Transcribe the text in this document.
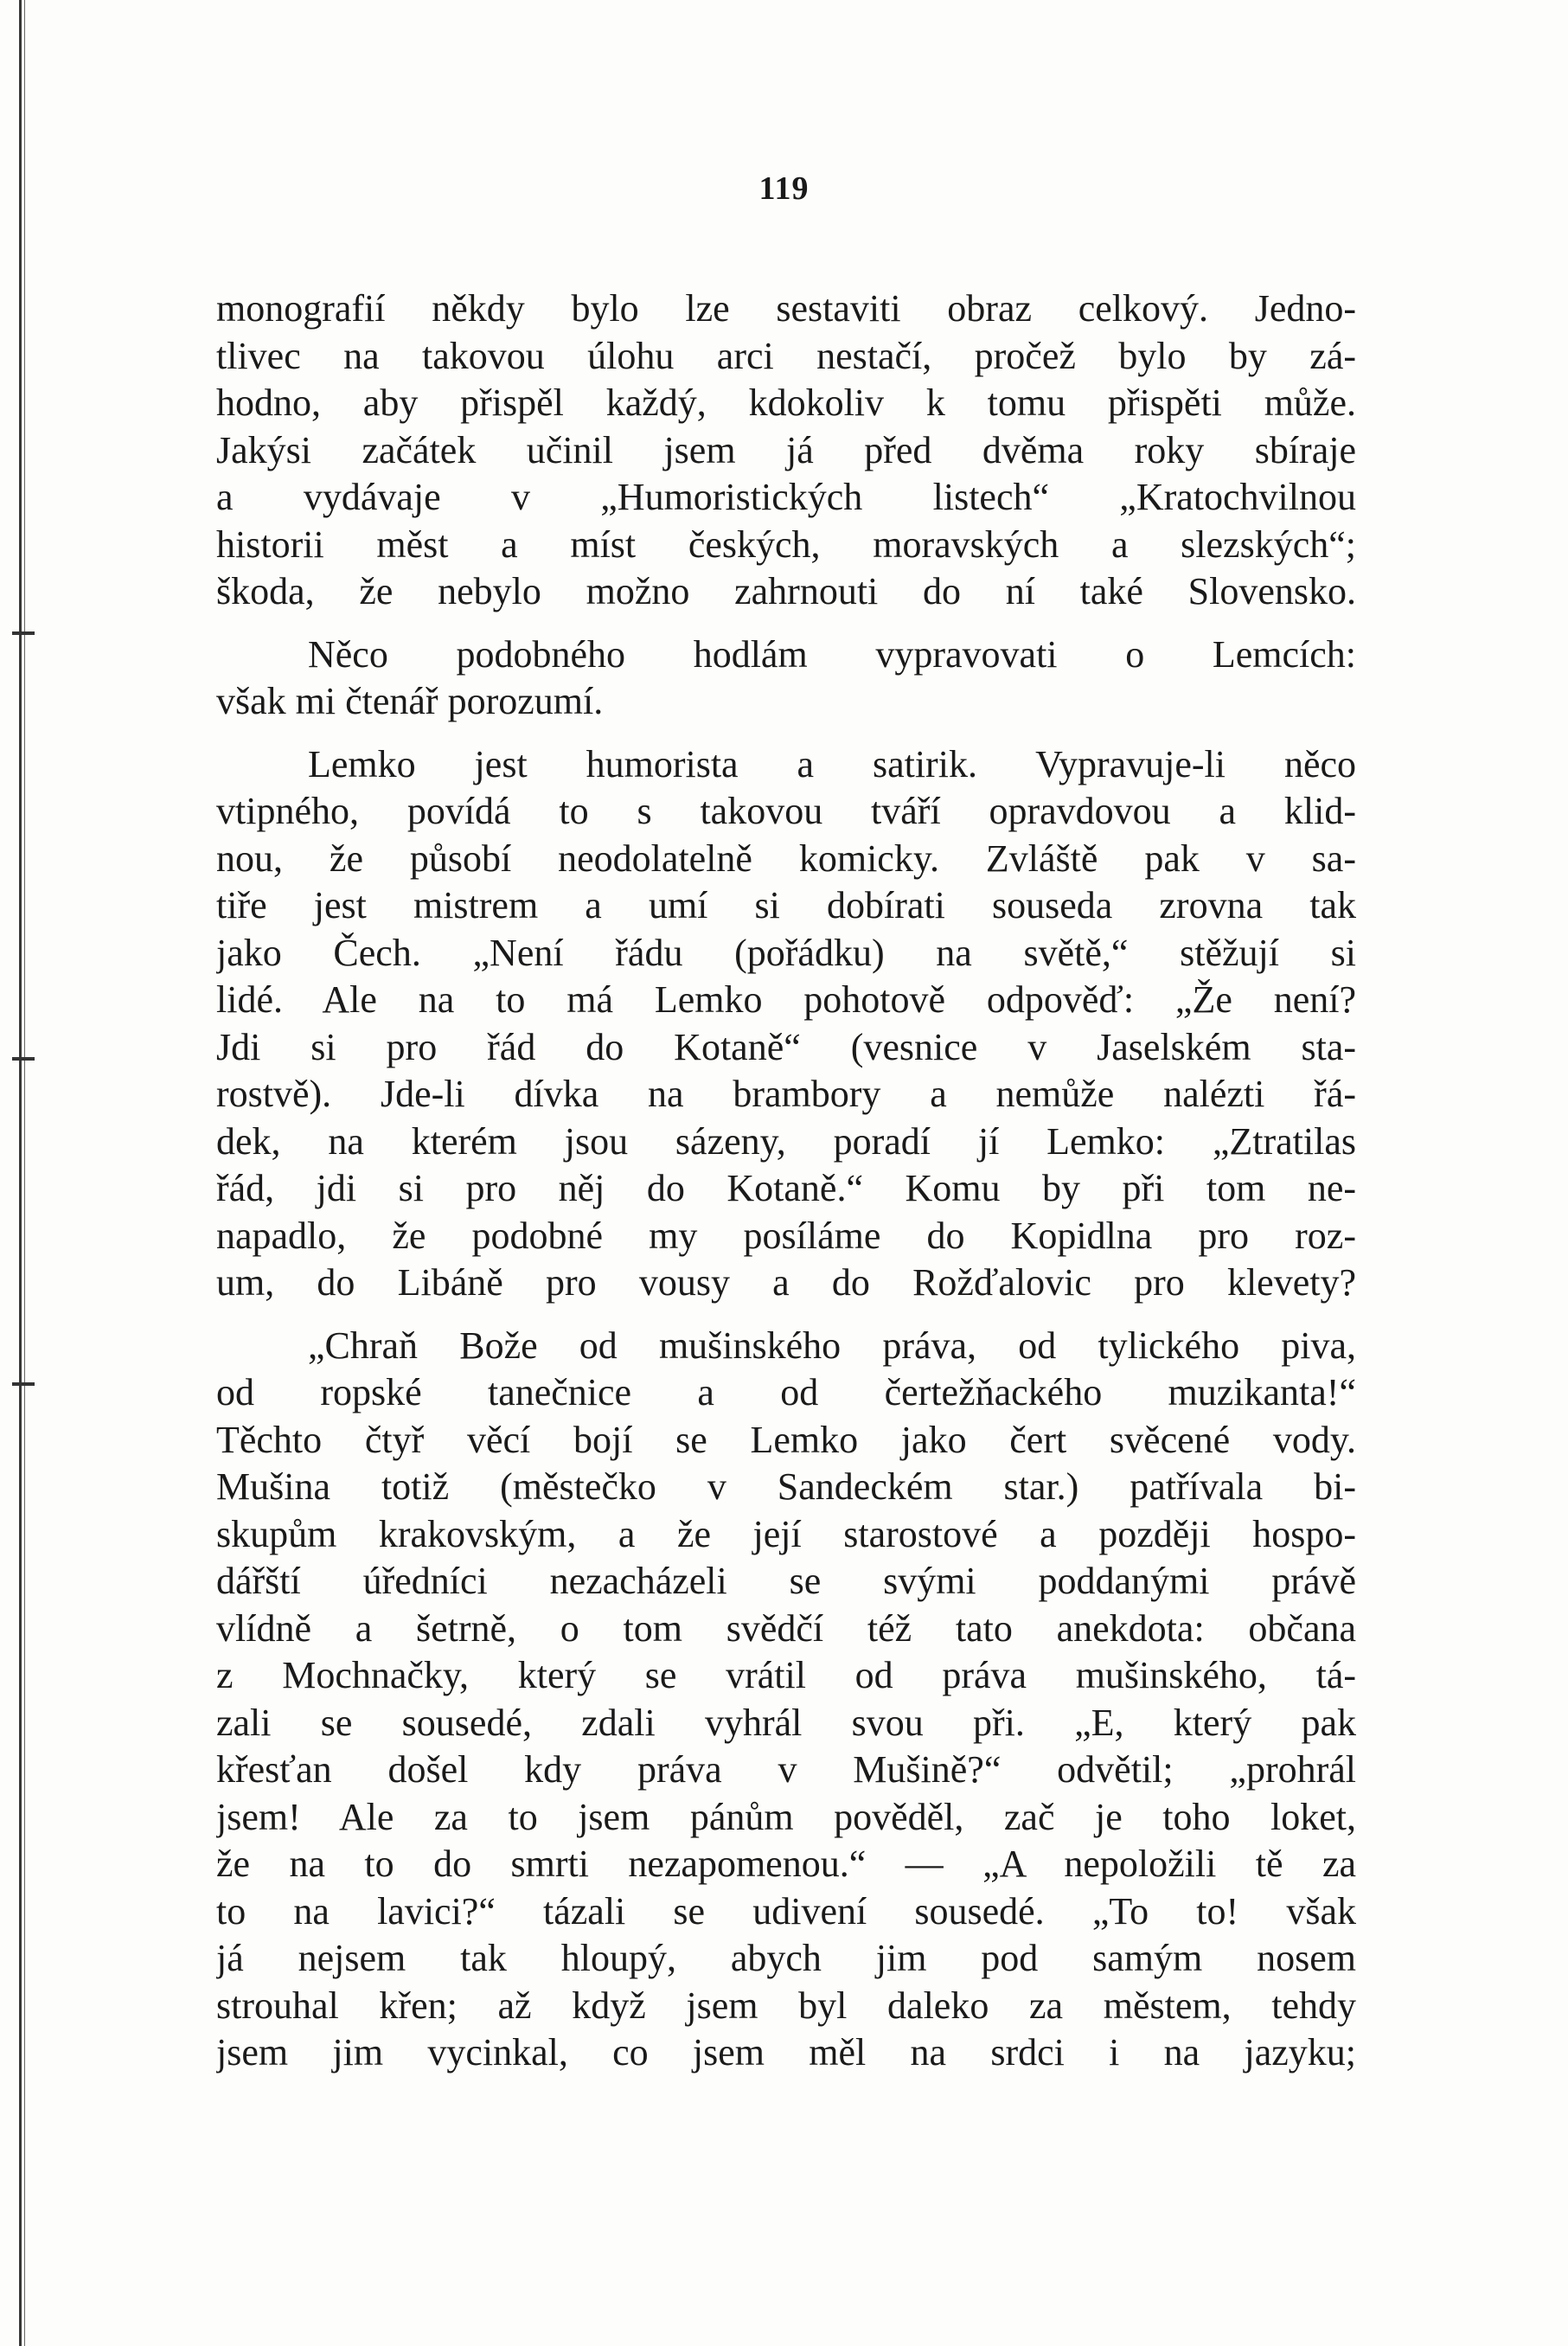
119
monografií někdy bylo lze sestaviti obraz celkový. Jedno-
tlivec na takovou úlohu arci nestačí, pročež bylo by zá-
hodno, aby přispěl každý, kdokoliv k tomu přispěti může.
Jakýsi začátek učinil jsem já před dvěma roky sbíraje
a vydávaje v „Humoristických listech“ „Kratochvilnou
historii měst a míst českých, moravských a slezských“;
škoda, že nebylo možno zahrnouti do ní také Slovensko.
Něco podobného hodlám vypravovati o Lemcích:
však mi čtenář porozumí.
Lemko jest humorista a satirik. Vypravuje-li něco
vtipného, povídá to s takovou tváří opravdovou a klid-
nou, že působí neodolatelně komicky. Zvláště pak v sa-
tiře jest mistrem a umí si dobírati souseda zrovna tak
jako Čech. „Není řádu (pořádku) na světě,“ stěžují si
lidé. Ale na to má Lemko pohotově odpověď: „Že není?
Jdi si pro řád do Kotaně“ (vesnice v Jaselském sta-
rostvě). Jde-li dívka na brambory a nemůže nalézti řá-
dek, na kterém jsou sázeny, poradí jí Lemko: „Ztratilas
řád, jdi si pro něj do Kotaně.“ Komu by při tom ne-
napadlo, že podobné my posíláme do Kopidlna pro roz-
um, do Libáně pro vousy a do Rožďalovic pro klevety?
„Chraň Bože od mušinského práva, od tylického piva,
od ropské tanečnice a od čertežňackého muzikanta!“
Těchto čtyř věcí bojí se Lemko jako čert svěcené vody.
Mušina totiž (městečko v Sandeckém star.) patřívala bi-
skupům krakovským, a že její starostové a později hospo-
dářští úředníci nezacházeli se svými poddanými právě
vlídně a šetrně, o tom svědčí též tato anekdota: občana
z Mochnačky, který se vrátil od práva mušinského, tá-
zali se sousedé, zdali vyhrál svou při. „E, který pak
křesťan došel kdy práva v Mušině?“ odvětil; „prohrál
jsem! Ale za to jsem pánům pověděl, zač je toho loket,
že na to do smrti nezapomenou.“ — „A nepoložili tě za
to na lavici?“ tázali se udivení sousedé. „To to! však
já nejsem tak hloupý, abych jim pod samým nosem
strouhal křen; až když jsem byl daleko za městem, tehdy
jsem jim vycinkal, co jsem měl na srdci i na jazyku;
